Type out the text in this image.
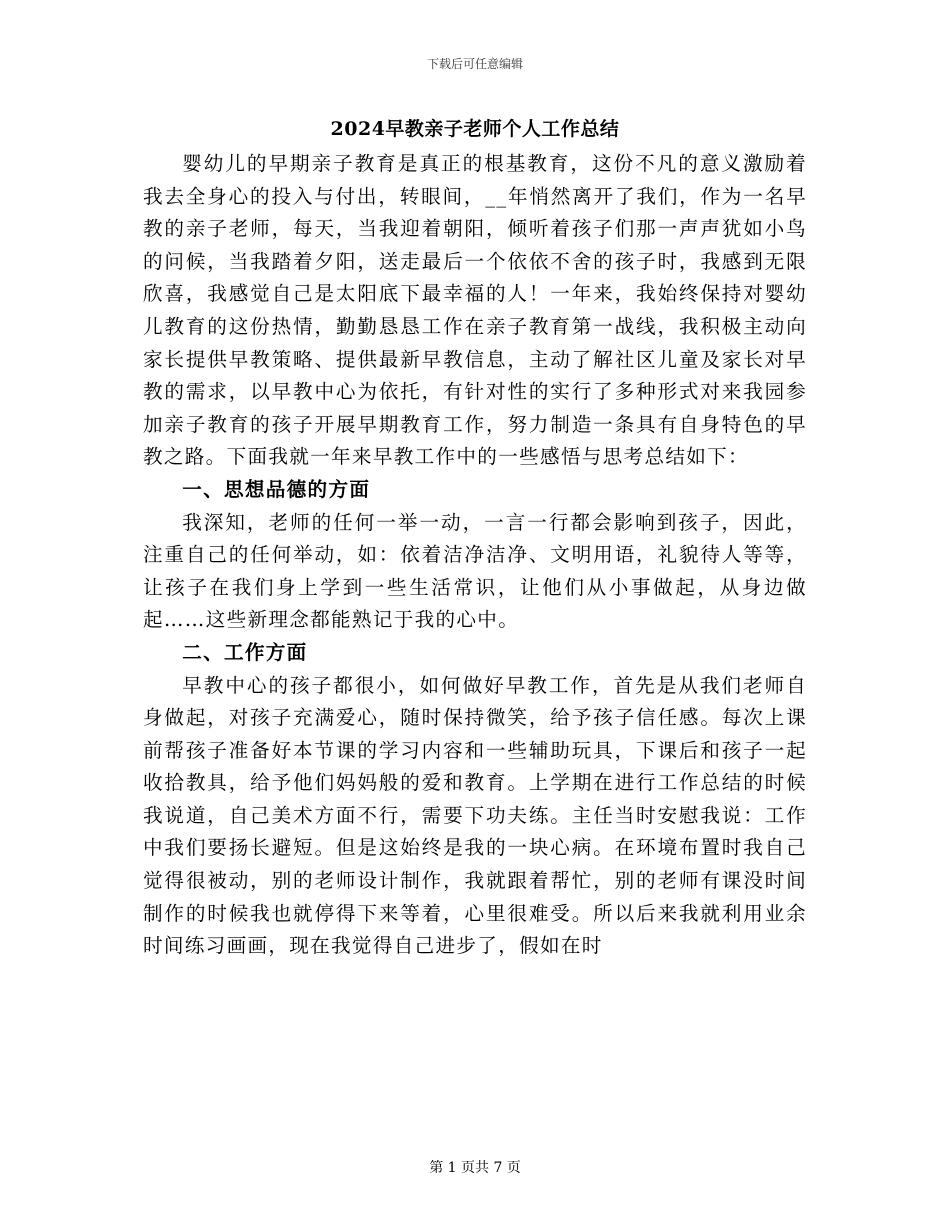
下载后可任意编辑
2024早教亲子老师个人工作总结

婴幼儿的早期亲子教育是真正的根基教育，这份不凡的意义激励着我去全身心的投入与付出，转眼间，__年悄然离开了我们，作为一名早教的亲子老师，每天，当我迎着朝阳，倾听着孩子们那一声声犹如小鸟的问候，当我踏着夕阳，送走最后一个依依不舍的孩子时，我感到无限欣喜，我感觉自己是太阳底下最幸福的人！一年来，我始终保持对婴幼儿教育的这份热情，勤勤恳恳工作在亲子教育第一战线，我积极主动向家长提供早教策略、提供最新早教信息，主动了解社区儿童及家长对早教的需求，以早教中心为依托，有针对性的实行了多种形式对来我园参加亲子教育的孩子开展早期教育工作，努力制造一条具有自身特色的早教之路。下面我就一年来早教工作中的一些感悟与思考总结如下：

一、思想品德的方面

我深知，老师的任何一举一动，一言一行都会影响到孩子，因此，注重自己的任何举动，如：依着洁净洁净、文明用语，礼貌待人等等，让孩子在我们身上学到一些生活常识，让他们从小事做起，从身边做起……这些新理念都能熟记于我的心中。

二、工作方面

早教中心的孩子都很小，如何做好早教工作，首先是从我们老师自身做起，对孩子充满爱心，随时保持微笑，给予孩子信任感。每次上课前帮孩子准备好本节课的学习内容和一些辅助玩具，下课后和孩子一起收拾教具，给予他们妈妈般的爱和教育。上学期在进行工作总结的时候我说道，自己美术方面不行，需要下功夫练。主任当时安慰我说：工作中我们要扬长避短。但是这始终是我的一块心病。在环境布置时我自己觉得很被动，别的老师设计制作，我就跟着帮忙，别的老师有课没时间制作的时候我也就停得下来等着，心里很难受。所以后来我就利用业余时间练习画画，现在我觉得自己进步了，假如在时

第 1 页共 7 页
